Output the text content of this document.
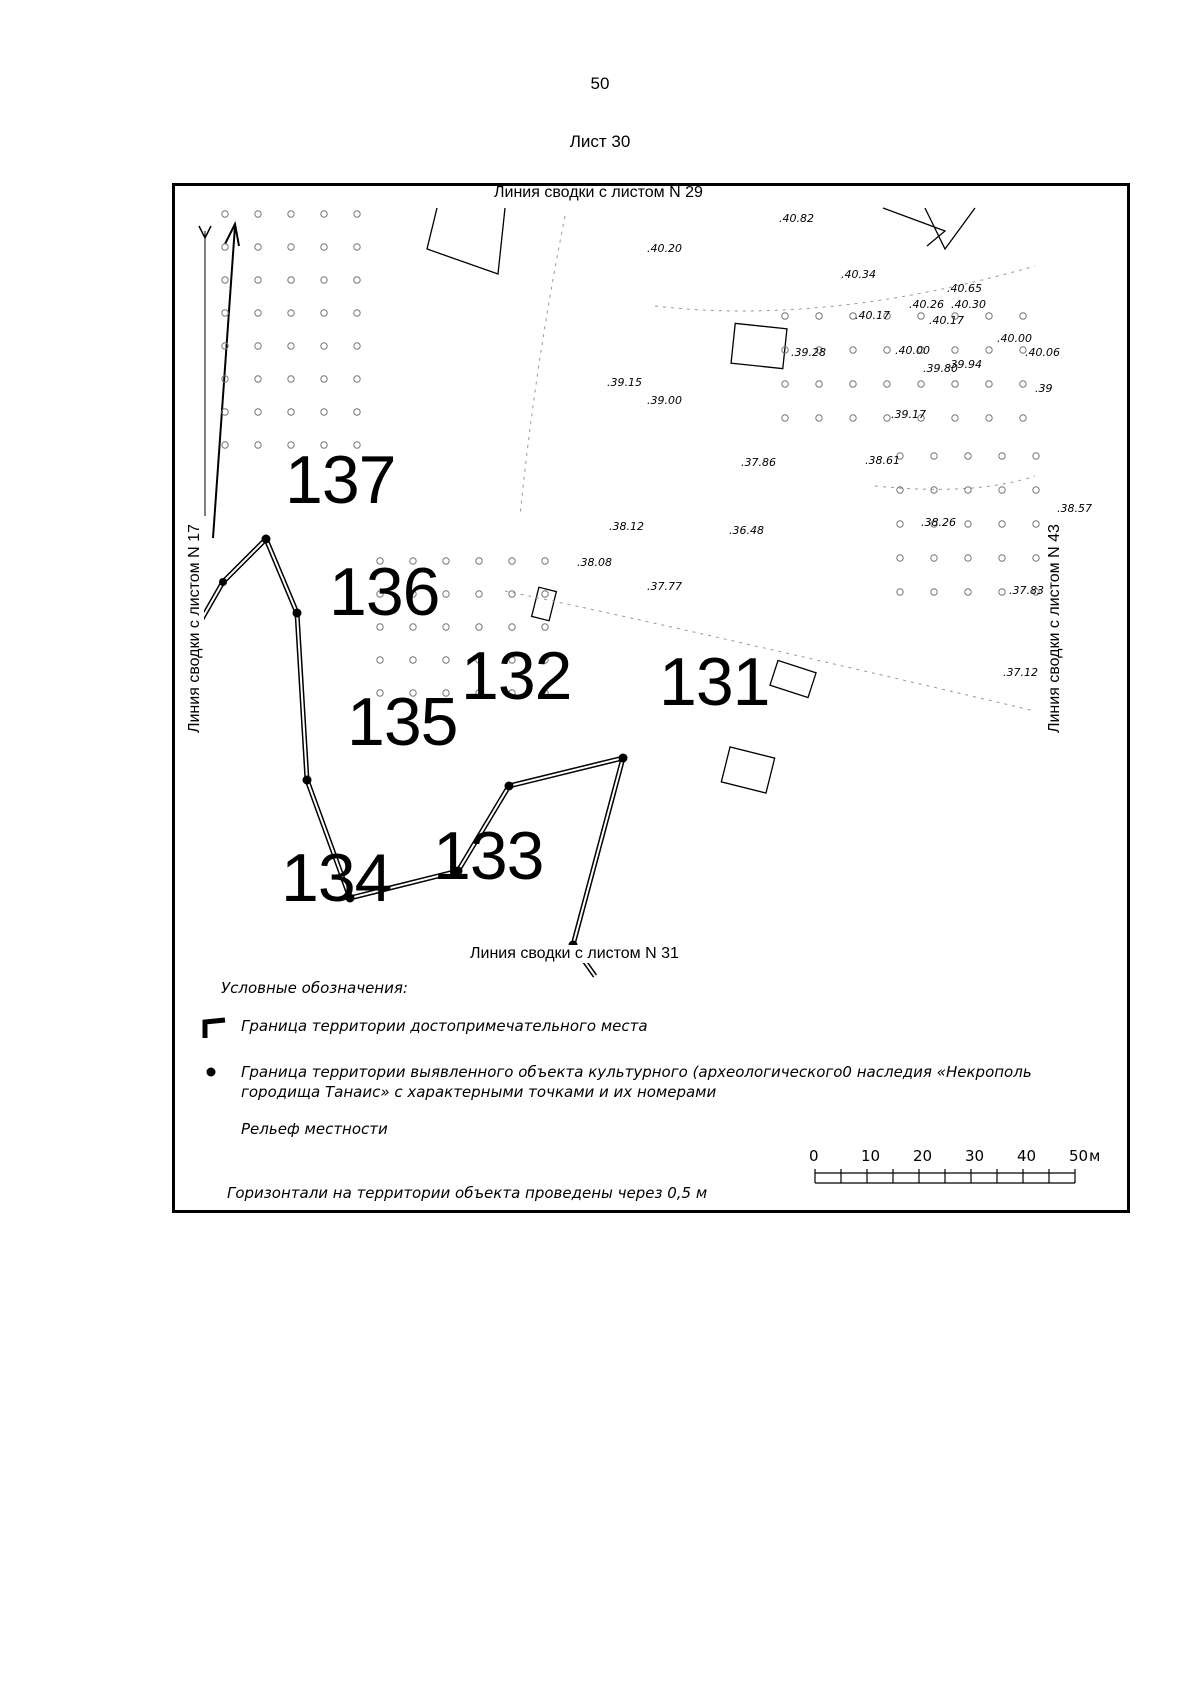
50
Лист 30
Линия сводки с листом N 29
Линия сводки с листом N 31
Линия сводки с листом N 17	Линия сводки с листом N 43
137
136
135
134 133
132 131
.40.82
.40.20
.40.34
.40.65
.40.26 .40.30
.40.17	.40.17
.40.00
.40.06
.39.28	.40.00
.39.94
.39.80
.39.15
.39.00
.39.17
.39
.37.86	.38.61
.38.12	.36.48
.38.26
.38.57
.38.08
.37.77	.37.83
.37.12
Условные обозначения:
Граница территории достопримечательного места
Граница территории выявленного объекта культурного (археологического0 наследия «Некрополь городища Танаис» с характерными точками и их номерами
Рельеф местности
0	10 20 30 40 50 м
Горизонтали на территории объекта проведены через 0,5 м
